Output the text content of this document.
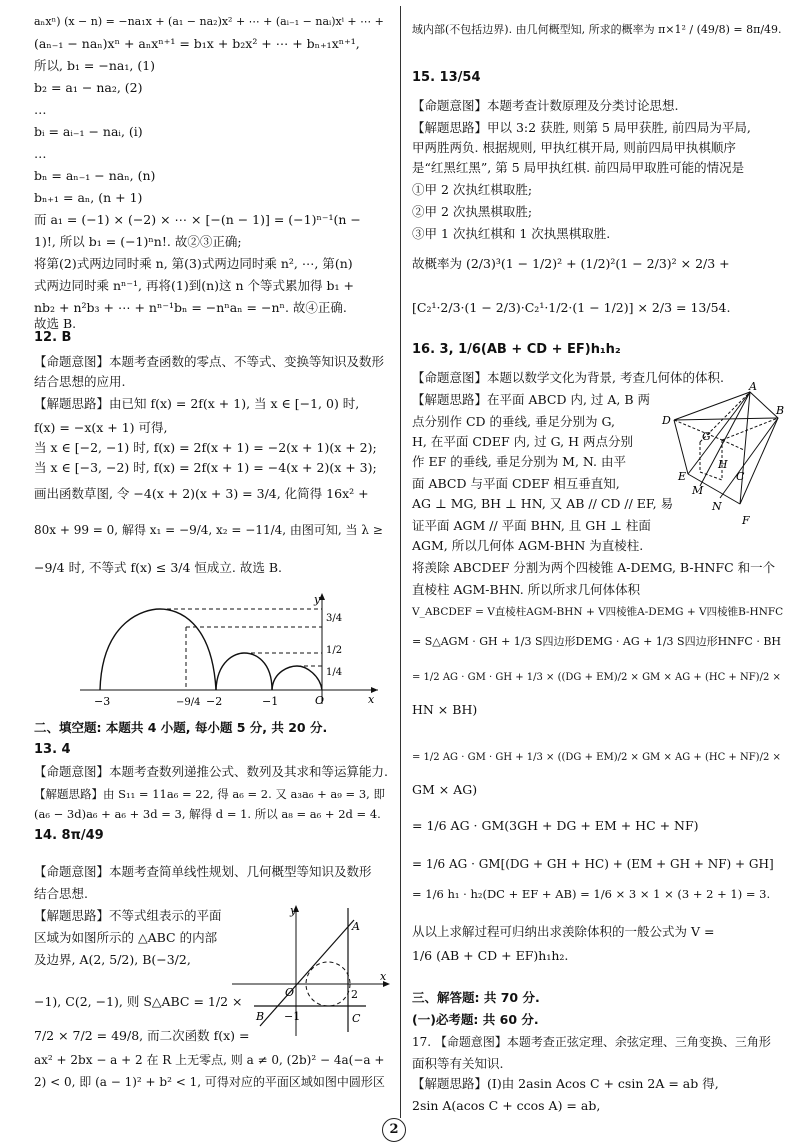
aₙxⁿ) (x − n) = −na₁x + (a₁ − na₂)x² + ⋯ + (aᵢ₋₁ − naᵢ)xⁱ + ⋯ +
(aₙ₋₁ − naₙ)xⁿ + aₙxⁿ⁺¹ = b₁x + b₂x² + ⋯ + bₙ₊₁xⁿ⁺¹,
所以, b₁ = −na₁, (1)
b₂ = a₁ − na₂, (2)
…
bᵢ = aᵢ₋₁ − naᵢ, (i)
…
bₙ = aₙ₋₁ − naₙ, (n)
bₙ₊₁ = aₙ, (n + 1)
而 a₁ = (−1) × (−2) × ⋯ × [−(n − 1)] = (−1)ⁿ⁻¹(n −
1)!, 所以 b₁ = (−1)ⁿn!. 故②③正确;
将第(2)式两边同时乘 n, 第(3)式两边同时乘 n², ⋯, 第(n)
式两边同时乘 nⁿ⁻¹, 再将(1)到(n)这 n 个等式累加得 b₁ +
nb₂ + n²b₃ + ⋯ + nⁿ⁻¹bₙ = −nⁿaₙ = −nⁿ. 故④正确.
故选 B.
12. B
【命题意图】本题考查函数的零点、不等式、变换等知识及数形
结合思想的应用.
【解题思路】由已知 f(x) = 2f(x + 1), 当 x ∈ [−1, 0) 时,
f(x) = −x(x + 1) 可得,
当 x ∈ [−2, −1) 时, f(x) = 2f(x + 1) = −2(x + 1)(x + 2);
当 x ∈ [−3, −2) 时, f(x) = 2f(x + 1) = −4(x + 2)(x + 3);
画出函数草图, 令 −4(x + 2)(x + 3) = 3/4, 化简得 16x² +
80x + 99 = 0, 解得 x₁ = −9/4, x₂ = −11/4, 由图可知, 当 λ ≥
−9/4 时, 不等式 f(x) ≤ 3/4 恒成立. 故选 B.
y
x
O
−3	−9/4 −2	−1
3/4
1/2
1/4
二、填空题: 本题共 4 小题, 每小题 5 分, 共 20 分.
13. 4
【命题意图】本题考查数列递推公式、数列及其求和等运算能力.
【解题思路】由 S₁₁ = 11a₆ = 22, 得 a₆ = 2. 又 a₃a₆ + a₉ = 3, 即
(a₆ − 3d)a₆ + a₆ + 3d = 3, 解得 d = 1. 所以 a₈ = a₆ + 2d = 4.
14. 8π/49
【命题意图】本题考查简单线性规划、几何概型等知识及数形
结合思想.
【解题思路】不等式组表示的平面
区域为如图所示的 △ABC 的内部
及边界, A(2, 5/2), B(−3/2,
−1), C(2, −1), 则 S△ABC = 1/2 ×
7/2 × 7/2 = 49/8, 而二次函数 f(x) =
ax² + 2bx − a + 2 在 R 上无零点, 则 a ≠ 0, (2b)² − 4a(−a +
2) < 0, 即 (a − 1)² + b² < 1, 可得对应的平面区域如图中圆形区
y
x
O
A
B	C
2
−1
域内部(不包括边界). 由几何概型知, 所求的概率为 π×1² / (49/8) = 8π/49.
15. 13/54
【命题意图】本题考查计数原理及分类讨论思想.
【解题思路】甲以 3:2 获胜, 则第 5 局甲获胜, 前四局为平局,
甲两胜两负. 根据规则, 甲执红棋开局, 则前四局甲执棋顺序
是“红黑红黑”, 第 5 局甲执红棋. 前四局甲取胜可能的情况是
①甲 2 次执红棋取胜;
②甲 2 次执黑棋取胜;
③甲 1 次执红棋和 1 次执黑棋取胜.
故概率为 (2/3)³(1 − 1/2)² + (1/2)²(1 − 2/3)² × 2/3 +
[C₂¹·2/3·(1 − 2/3)·C₂¹·1/2·(1 − 1/2)] × 2/3 = 13/54.
16. 3, 1/6(AB + CD + EF)h₁h₂
【命题意图】本题以数学文化为背景, 考查几何体的体积.
【解题思路】在平面 ABCD 内, 过 A, B 两
点分别作 CD 的垂线, 垂足分别为 G,
H, 在平面 CDEF 内, 过 G, H 两点分别
作 EF 的垂线, 垂足分别为 M, N. 由平
面 ABCD 与平面 CDEF 相互垂直知,
AG ⊥ MG, BH ⊥ HN, 又 AB // CD // EF, 易
证平面 AGM // 平面 BHN, 且 GH ⊥ 柱面
AGM, 所以几何体 AGM-BHN 为直棱柱.
将羡除 ABCDEF 分割为两个四棱锥 A-DEMG, B-HNFC 和一个
直棱柱 AGM-BHN. 所以所求几何体体积
V_ABCDEF = V直棱柱AGM-BHN + V四棱锥A-DEMG + V四棱锥B-HNFC
= S△AGM · GH + 1/3 S四边形DEMG · AG + 1/3 S四边形HNFC · BH
= 1/2 AG · GM · GH + 1/3 × ((DG + EM)/2 × GM × AG + (HC + NF)/2 ×
HN × BH)
= 1/2 AG · GM · GH + 1/3 × ((DG + EM)/2 × GM × AG + (HC + NF)/2 ×
GM × AG)
= 1/6 AG · GM(3GH + DG + EM + HC + NF)
= 1/6 AG · GM[(DG + GH + HC) + (EM + GH + NF) + GH]
= 1/6 h₁ · h₂(DC + EF + AB) = 1/6 × 3 × 1 × (3 + 2 + 1) = 3.
从以上求解过程可归纳出求羡除体积的一般公式为 V =
1/6 (AB + CD + EF)h₁h₂.
A
B
D
G
H
C
E
M
N
F
三、解答题: 共 70 分.
(一)必考题: 共 60 分.
17. 【命题意图】本题考查正弦定理、余弦定理、三角变换、三角形
面积等有关知识.
【解题思路】(Ⅰ)由 2asin Acos C + csin 2A = ab 得,
2sin A(acos C + ccos A) = ab,
2
